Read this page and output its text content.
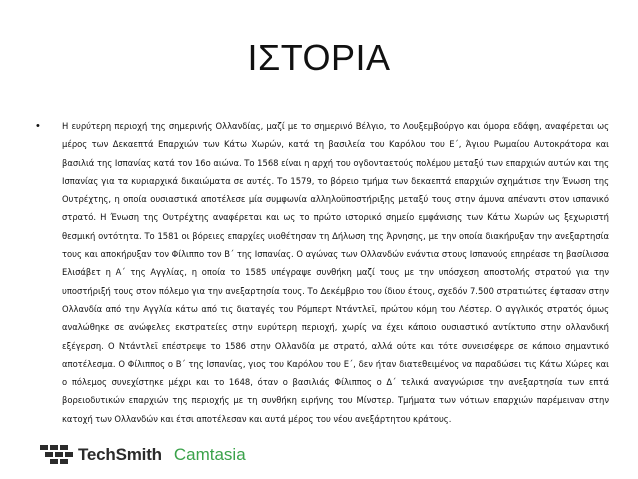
ΙΣΤΟΡΙΑ
•	Η ευρύτερη περιοχή της σημερινής Ολλανδίας, μαζί με το σημερινό Βέλγιο, το Λουξεμβούργο και όμορα εδάφη, αναφέρεται ως μέρος των Δεκαεπτά Επαρχιών των Κάτω Χωρών, κατά τη βασιλεία του Καρόλου του Ε΄, Άγιου Ρωμαίου Αυτοκράτορα και βασιλιά της Ισπανίας κατά τον 16ο αιώνα. Το 1568 είναι η αρχή του ογδονταετούς πολέμου μεταξύ των επαρχιών αυτών και της Ισπανίας για τα κυριαρχικά δικαιώματα σε αυτές. Το 1579, το βόρειο τμήμα των δεκαεπτά επαρχιών σχημάτισε την Ένωση της Ουτρέχτης, η οποία ουσιαστικά αποτέλεσε μία συμφωνία αλληλοϋποστήριξης μεταξύ τους στην άμυνα απέναντι στον ισπανικό στρατό. Η Ένωση της Ουτρέχτης αναφέρεται και ως το πρώτο ιστορικό σημείο εμφάνισης των Κάτω Χωρών ως ξεχωριστή θεσμική οντότητα. Το 1581 οι βόρειες επαρχίες υιοθέτησαν τη Δήλωση της Άρνησης, με την οποία διακήρυξαν την ανεξαρτησία τους και αποκήρυξαν τον Φίλιππο τον Β΄ της Ισπανίας. Ο αγώνας των Ολλανδών ενάντια στους Ισπανούς επηρέασε τη βασίλισσα Ελισάβετ η Α΄ της Αγγλίας, η οποία το 1585 υπέγραψε συνθήκη μαζί τους με την υπόσχεση αποστολής στρατού για την υποστήριξή τους στον πόλεμο για την ανεξαρτησία τους. Το Δεκέμβριο του ίδιου έτους, σχεδόν 7.500 στρατιώτες έφτασαν στην Ολλανδία από την Αγγλία κάτω από τις διαταγές του Ρόμπερτ Ντάντλεϊ, πρώτου κόμη του Λέστερ. Ο αγγλικός στρατός όμως αναλώθηκε σε ανώφελες εκστρατείες στην ευρύτερη περιοχή, χωρίς να έχει κάποιο ουσιαστικό αντίκτυπο στην ολλανδική εξέγερση. Ο Ντάντλεϊ επέστρεψε το 1586 στην Ολλανδία με στρατό, αλλά ούτε και τότε συνεισέφερε σε κάποιο σημαντικό αποτέλεσμα. Ο Φίλιππος ο Β΄ της Ισπανίας, γιος του Καρόλου του Ε΄, δεν ήταν διατεθειμένος να παραδώσει τις Κάτω Χώρες και ο πόλεμος συνεχίστηκε μέχρι και το 1648, όταν ο βασιλιάς Φίλιππος ο Δ΄ τελικά αναγνώρισε την ανεξαρτησία των επτά βορειοδυτικών επαρχιών της περιοχής με τη συνθήκη ειρήνης του Μίνστερ. Τμήματα των νότιων επαρχιών παρέμειναν στην κατοχή των Ολλανδών και έτσι αποτέλεσαν και αυτά μέρος του νέου ανεξάρτητου κράτους.

TechSmith Camtasia
